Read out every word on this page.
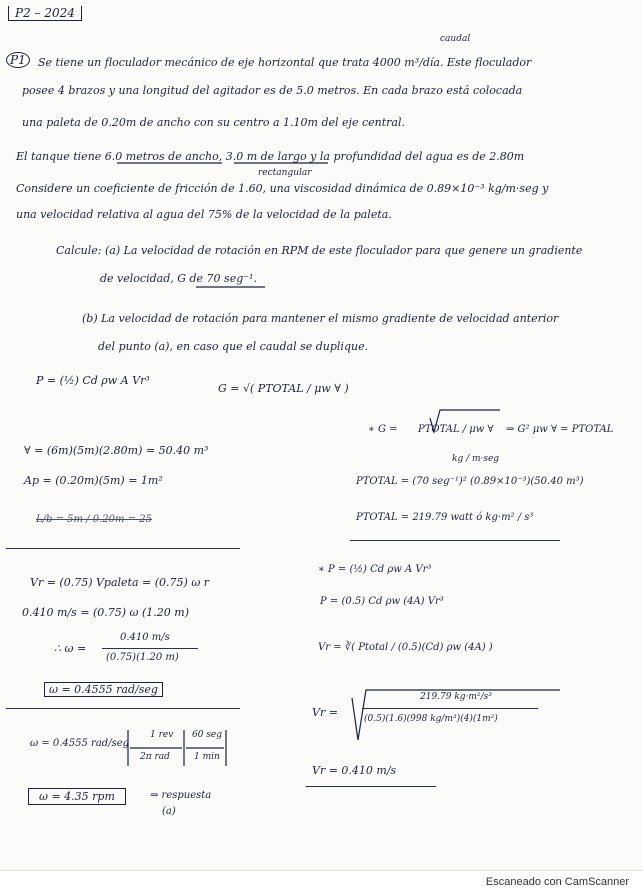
P2 – 2024
caudal
P1	Se tiene un floculador mecánico de eje horizontal que trata 4000 m³/día. Este floculador
posee 4 brazos y una longitud del agitador es de 5.0 metros. En cada brazo está colocada
una paleta de 0.20m de ancho con su centro a 1.10m del eje central.
rectangular
El tanque tiene 6.0 metros de ancho, 3.0 m de largo y la profundidad del agua es de 2.80m
Considere un coeficiente de fricción de 1.60, una viscosidad dinámica de 0.89×10⁻³ kg/m·seg y
una velocidad relativa al agua del 75% de la velocidad de la paleta.
Calcule: (a) La velocidad de rotación en RPM de este floculador para que genere un gradiente
de velocidad, G de 70 seg⁻¹.
(b) La velocidad de rotación para mantener el mismo gradiente de velocidad anterior
del punto (a), en caso que el caudal se duplique.
P = (½) Cd ρw A Vr³
∀ = (6m)(5m)(2.80m) = 50.40 m³
Ap = (0.20m)(5m) = 1m²
L/b = 5m / 0.20m = 25
Vr = (0.75) Vpaleta = (0.75) ω r
0.410 m/s = (0.75) ω (1.20 m)
∴ ω =
0.410 m/s
(0.75)(1.20 m)
ω = 0.4555 rad/seg
ω = 0.4555 rad/seg
1 rev
2π rad
60 seg
1 min
ω = 4.35 rpm	⇒ respuesta
(a)
G = √( PTOTAL / μw ∀ )
∗ G = PTOTAL / μw ∀ ⇒ G² μw ∀ = PTOTAL
kg / m·seg
PTOTAL = (70 seg⁻¹)² (0.89×10⁻³)(50.40 m³)
PTOTAL = 219.79 watt ó kg·m² / s³
∗ P = (½) Cd ρw A Vr³
P = (0.5) Cd ρw (4A) Vr³
Vr = ∛( Ptotal / (0.5)(Cd) ρw (4A) )
Vr =
219.79 kg·m²/s³
(0.5)(1.6)(998 kg/m³)(4)(1m²)
Vr = 0.410 m/s
Escaneado con CamScanner
